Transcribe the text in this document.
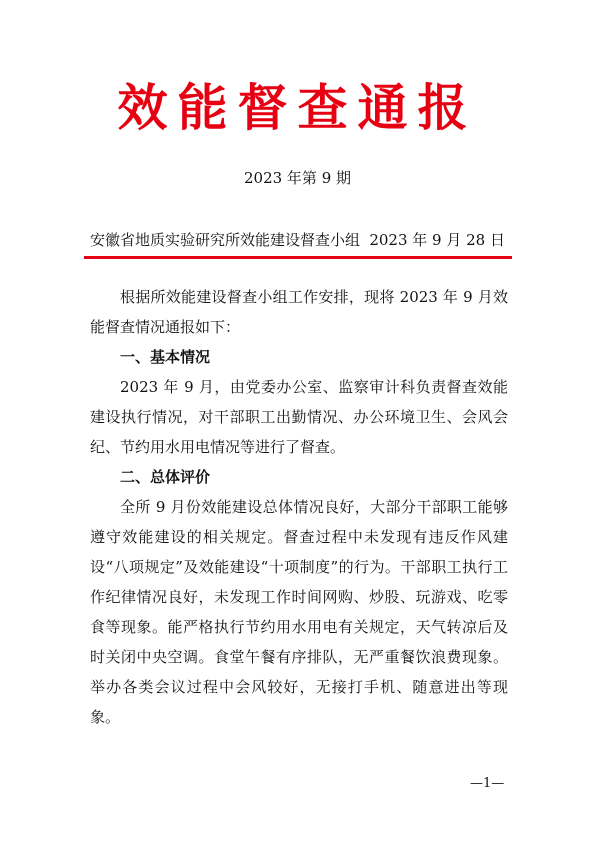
效能督查通报
2023 年第 9 期
安徽省地质实验研究所效能建设督查小组 2023 年 9 月 28 日

根据所效能建设督查小组工作安排，现将 2023 年 9 月效能督查情况通报如下：

一、基本情况

2023 年 9 月，由党委办公室、监察审计科负责督查效能建设执行情况，对干部职工出勤情况、办公环境卫生、会风会纪、节约用水用电情况等进行了督查。

二、总体评价

全所 9 月份效能建设总体情况良好，大部分干部职工能够遵守效能建设的相关规定。督查过程中未发现有违反作风建设“八项规定”及效能建设“十项制度”的行为。干部职工执行工作纪律情况良好，未发现工作时间网购、炒股、玩游戏、吃零食等现象。能严格执行节约用水用电有关规定，天气转凉后及时关闭中央空调。食堂午餐有序排队，无严重餐饮浪费现象。举办各类会议过程中会风较好，无接打手机、随意进出等现象。

—1—
